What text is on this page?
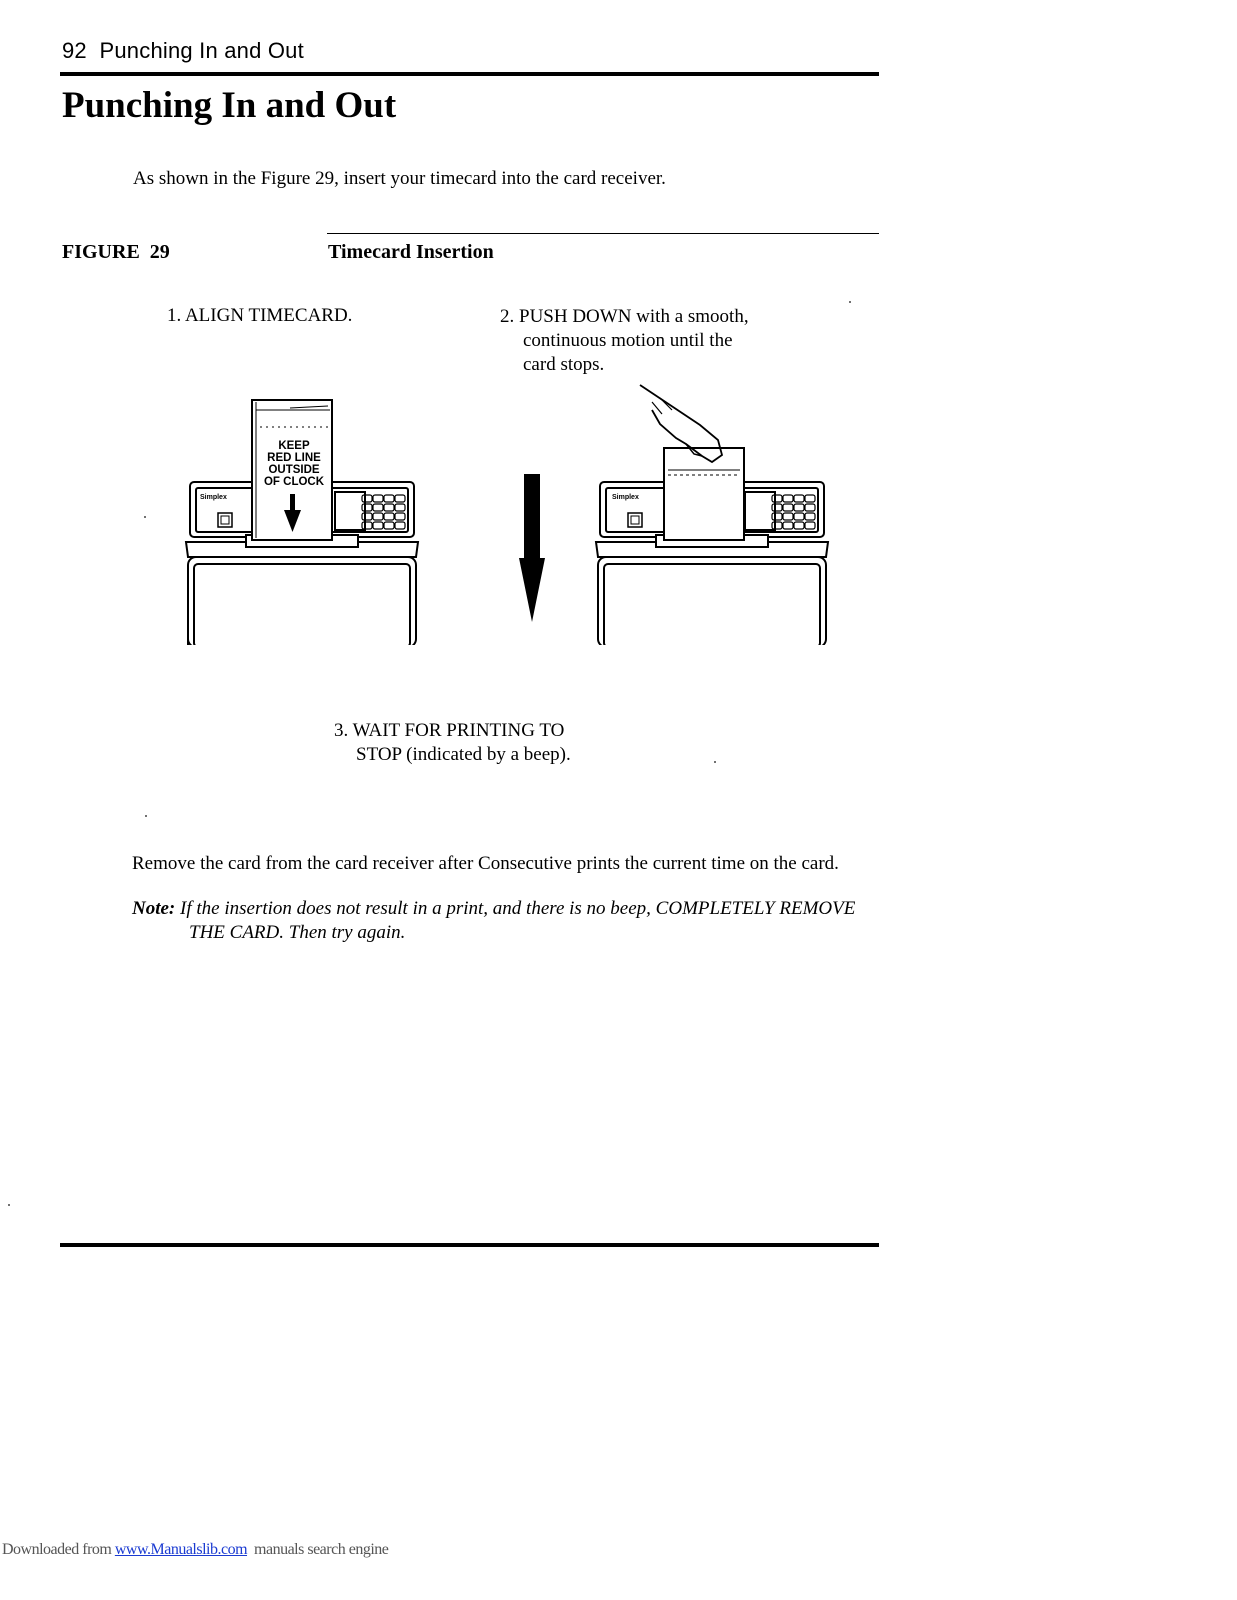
92 Punching In and Out
Punching In and Out
As shown in the Figure 29, insert your timecard into the card receiver.
FIGURE  29	Timecard Insertion
1. ALIGN TIMECARD.	2. PUSH DOWN with a smooth,
continuous motion until the
card stops.
KEEP
RED LINE
OUTSIDE
OF CLOCK
Simplex	Simplex
3. WAIT FOR PRINTING TO
STOP (indicated by a beep).
Remove the card from the card receiver after Consecutive prints the current time on the card.
Note: If the insertion does not result in a print, and there is no beep, COMPLETELY REMOVE
THE CARD. Then try again.
Downloaded from www.Manualslib.com  manuals search engine
